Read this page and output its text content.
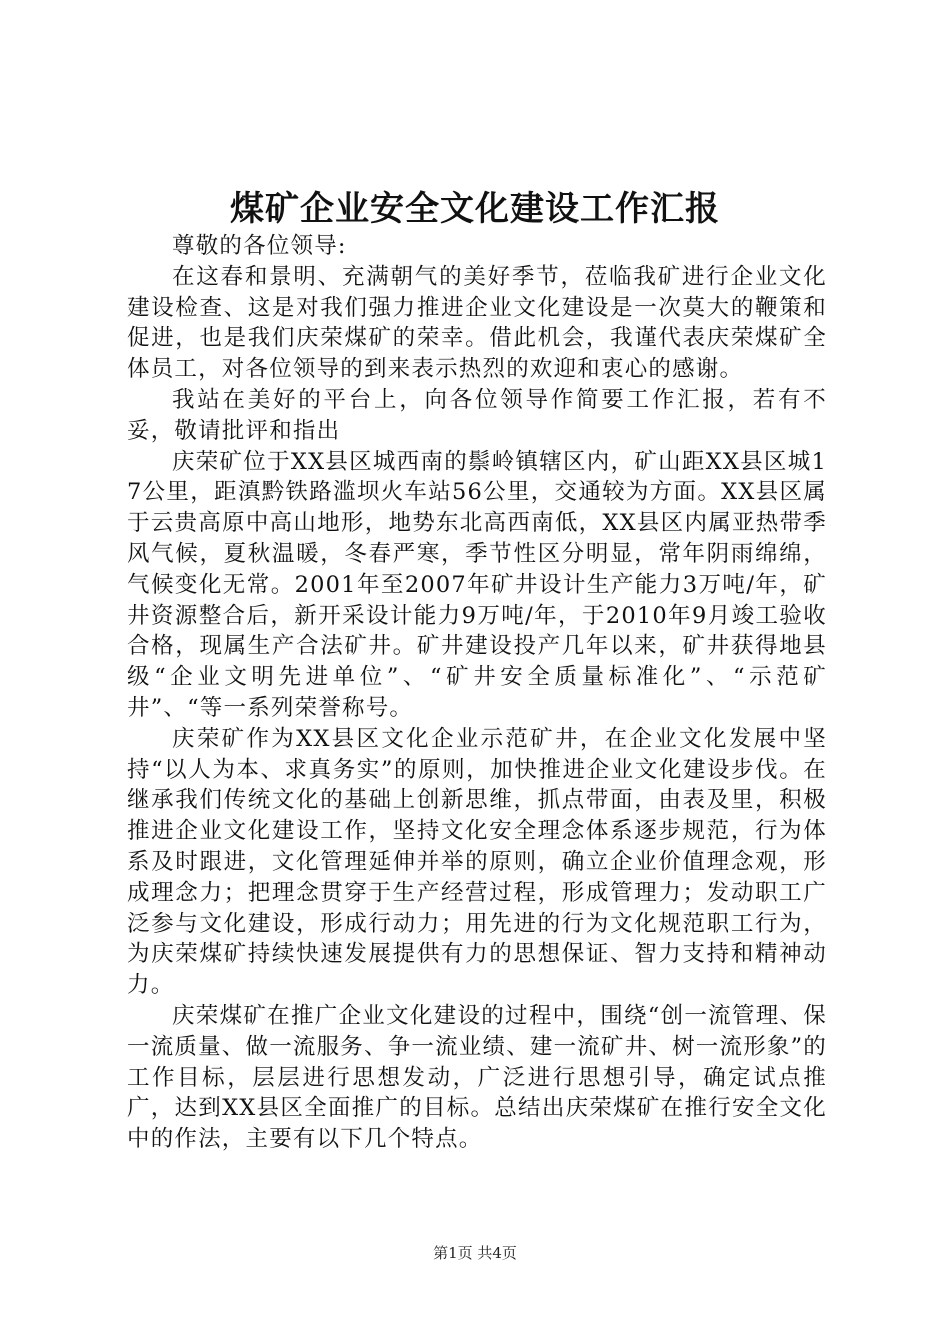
煤矿企业安全文化建设工作汇报

尊敬的各位领导:

在这春和景明、充满朝气的美好季节，莅临我矿进行企业文化建设检查、这是对我们强力推进企业文化建设是一次莫大的鞭策和促进，也是我们庆荣煤矿的荣幸。借此机会，我谨代表庆荣煤矿全体员工，对各位领导的到来表示热烈的欢迎和衷心的感谢。

我站在美好的平台上，向各位领导作简要工作汇报，若有不妥，敬请批评和指出

庆荣矿位于XX县区城西南的鬃岭镇辖区内，矿山距XX县区城17公里，距滇黔铁路滥坝火车站56公里，交通较为方面。XX县区属于云贵高原中高山地形，地势东北高西南低，XX县区内属亚热带季风气候，夏秋温暖，冬春严寒，季节性区分明显，常年阴雨绵绵，气候变化无常。2001年至2007年矿井设计生产能力3万吨/年，矿井资源整合后，新开采设计能力9万吨/年，于2010年9月竣工验收合格，现属生产合法矿井。矿井建设投产几年以来，矿井获得地县级“企业文明先进单位”、“矿井安全质量标准化”、“示范矿井”、“等一系列荣誉称号。

庆荣矿作为XX县区文化企业示范矿井，在企业文化发展中坚持“以人为本、求真务实”的原则，加快推进企业文化建设步伐。在继承我们传统文化的基础上创新思维，抓点带面，由表及里，积极推进企业文化建设工作，坚持文化安全理念体系逐步规范，行为体系及时跟进，文化管理延伸并举的原则，确立企业价值理念观，形成理念力；把理念贯穿于生产经营过程，形成管理力；发动职工广泛参与文化建设，形成行动力；用先进的行为文化规范职工行为，为庆荣煤矿持续快速发展提供有力的思想保证、智力支持和精神动力。

庆荣煤矿在推广企业文化建设的过程中，围绕“创一流管理、保一流质量、做一流服务、争一流业绩、建一流矿井、树一流形象”的工作目标，层层进行思想发动，广泛进行思想引导，确定试点推广，达到XX县区全面推广的目标。总结出庆荣煤矿在推行安全文化中的作法，主要有以下几个特点。

第1页 共4页
